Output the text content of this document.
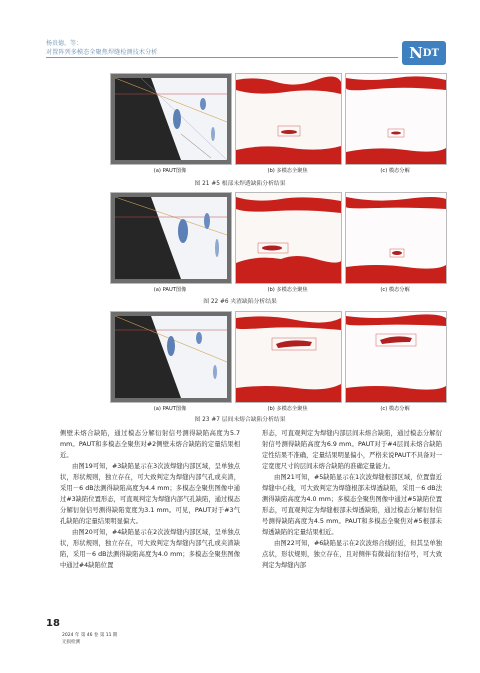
杨贵德，等：
对置阵列多模态全聚焦焊缝检测技术分析	N DT
(a) PAUT图像	(b) 多模态全聚焦	(c) 模态分解
图 21 #5 根部未焊透缺陷分析结果
(a) PAUT图像	(b) 多模态全聚焦	(c) 模态分解
图 22 #6 夹渣缺陷分析结果
(a) PAUT图像	(b) 多模态全聚焦	(c) 模态分解
图 23 #7 层间未熔合缺陷分析结果

侧壁未熔合缺陷，通过模态分解衍射信号测得缺陷高度为5.7 mm。PAUT和多模态全聚焦对#2侧壁未熔合缺陷的定量结果相近。

由图19可知，#3缺陷显示在3次波焊缝内部区域，呈单独点状，形状规则，独立存在，可大致判定为焊缝内部气孔或夹渣，采用－6 dB法测得缺陷高度为4.4 mm；多模态全聚焦图像中通过#3缺陷位置形态，可直观判定为焊缝内部气孔缺陷，通过模态分解衍射信号测得缺陷宽度为3.1 mm。可见，PAUT对于#3气孔缺陷的定量结果明显偏大。

由图20可知，#4缺陷显示在2次波焊缝内部区域，呈单独点状，形状规则，独立存在，可大致判定为焊缝内部气孔或夹渣缺陷，采用－6 dB法测得缺陷高度为4.0 mm；多模态全聚焦图像中通过#4缺陷位置

形态，可直观判定为焊缝内部层间未熔合缺陷，通过模态分解衍射信号测得缺陷高度为6.9 mm。PAUT对于#4层间未熔合缺陷定性结果不准确，定量结果明显偏小，严格来说PAUT不具备对一定宽度尺寸的层间未熔合缺陷的准确定量能力。

由图21可知，#5缺陷显示在1次波焊缝根部区域，位置靠近焊缝中心线，可大致判定为焊缝根部未焊透缺陷，采用－6 dB法测得缺陷高度为4.0 mm；多模态全聚焦图像中通过#5缺陷位置形态，可直观判定为焊缝根部未焊透缺陷，通过模态分解衍射信号测得缺陷高度为4.5 mm。PAUT和多模态全聚焦对#5根部未焊透缺陷的定量结果相近。

由图22可知，#6缺陷显示在2次波熔合线附近，但其呈单独点状，形状规则，独立存在，且对侧伴有微弱衍射信号，可大致判定为焊缝内部

18
2024 年 第 46 卷 第 11 期
无损检测
